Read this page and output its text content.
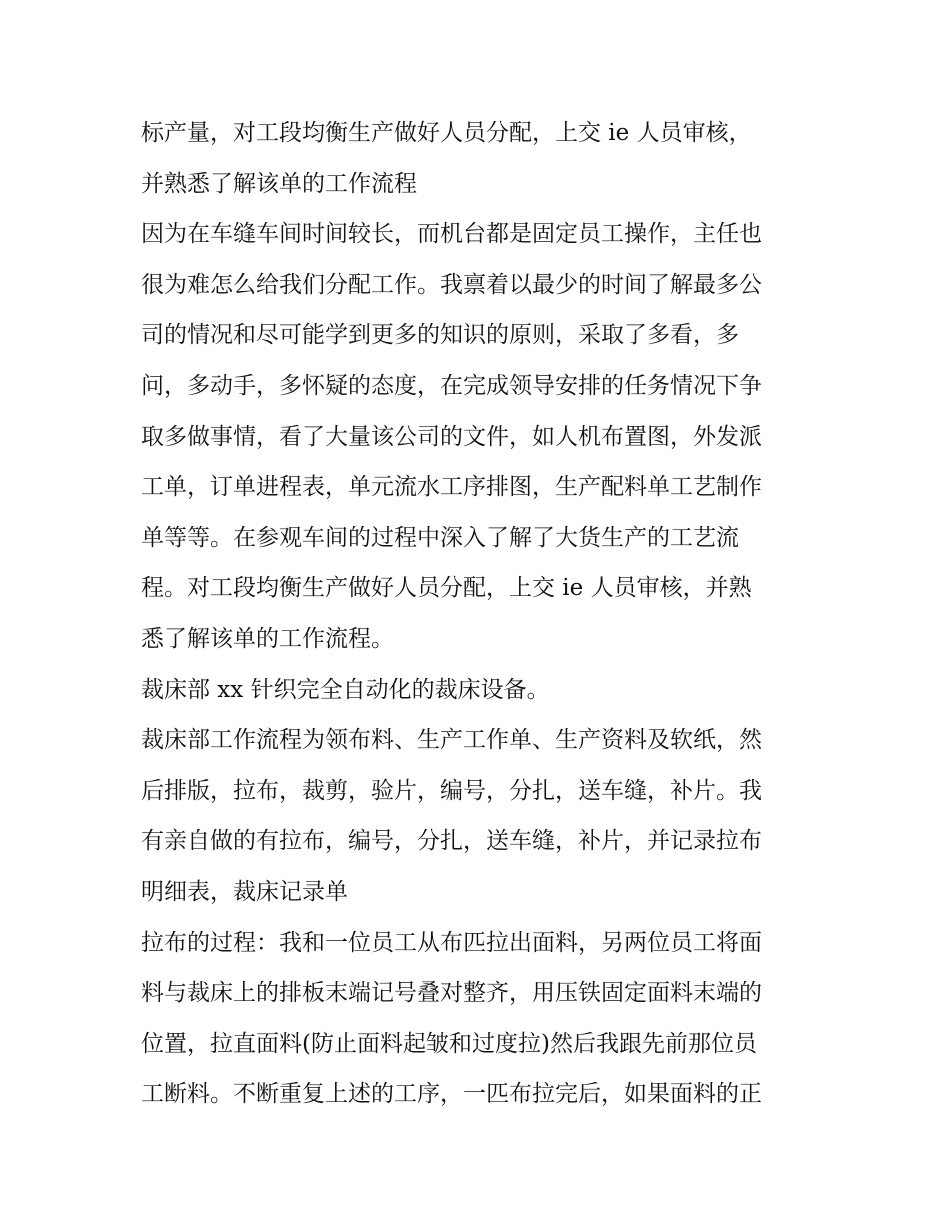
标产量，对工段均衡生产做好人员分配，上交 ie 人员审核，
并熟悉了解该单的工作流程
因为在车缝车间时间较长，而机台都是固定员工操作，主任也
很为难怎么给我们分配工作。我禀着以最少的时间了解最多公
司的情况和尽可能学到更多的知识的原则，采取了多看，多
问，多动手，多怀疑的态度，在完成领导安排的任务情况下争
取多做事情，看了大量该公司的文件，如人机布置图，外发派
工单，订单进程表，单元流水工序排图，生产配料单工艺制作
单等等。在参观车间的过程中深入了解了大货生产的工艺流
程。对工段均衡生产做好人员分配，上交 ie 人员审核，并熟
悉了解该单的工作流程。
裁床部 xx 针织完全自动化的裁床设备。
裁床部工作流程为领布料、生产工作单、生产资料及软纸，然
后排版，拉布，裁剪，验片，编号，分扎，送车缝，补片。我
有亲自做的有拉布，编号，分扎，送车缝，补片，并记录拉布
明细表，裁床记录单
拉布的过程：我和一位员工从布匹拉出面料，另两位员工将面
料与裁床上的排板末端记号叠对整齐，用压铁固定面料末端的
位置，拉直面料(防止面料起皱和过度拉)然后我跟先前那位员
工断料。不断重复上述的工序，一匹布拉完后，如果面料的正
